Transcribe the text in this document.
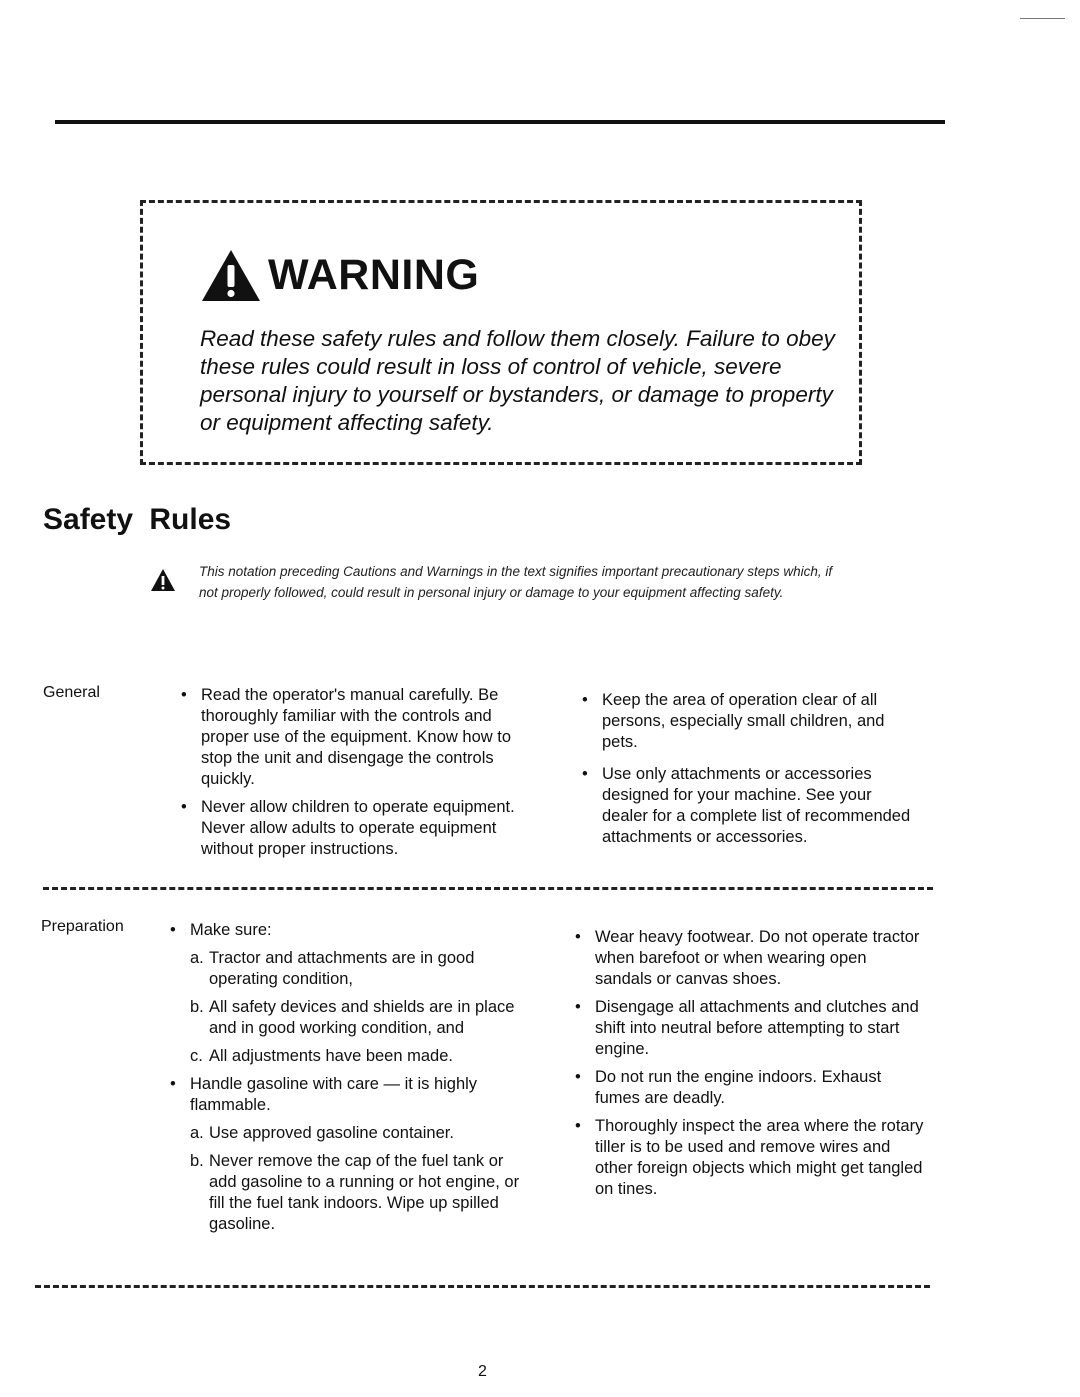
WARNING
Read these safety rules and follow them closely. Failure to obey these rules could result in loss of control of vehicle, severe personal injury to yourself or bystanders, or damage to property or equipment affecting safety.
Safety Rules
This notation preceding Cautions and Warnings in the text signifies important precautionary steps which, if not properly followed, could result in personal injury or damage to your equipment affecting safety.
General	• Read the operator's manual carefully. Be thoroughly familiar with the controls and proper use of the equipment. Know how to stop the unit and disengage the controls quickly.
• Never allow children to operate equipment. Never allow adults to operate equipment without proper instructions.
• Keep the area of operation clear of all persons, especially small children, and pets.
• Use only attachments or accessories designed for your machine. See your dealer for a complete list of recommended attachments or accessories.
Preparation	• Make sure:
a. Tractor and attachments are in good operating condition,
b. All safety devices and shields are in place and in good working condition, and
c. All adjustments have been made.
• Handle gasoline with care — it is highly flammable.
a. Use approved gasoline container.
b. Never remove the cap of the fuel tank or add gasoline to a running or hot engine, or fill the fuel tank indoors. Wipe up spilled gasoline.
• Wear heavy footwear. Do not operate tractor when barefoot or when wearing open sandals or canvas shoes.
• Disengage all attachments and clutches and shift into neutral before attempting to start engine.
• Do not run the engine indoors. Exhaust fumes are deadly.
• Thoroughly inspect the area where the rotary tiller is to be used and remove wires and other foreign objects which might get tangled on tines.
2
